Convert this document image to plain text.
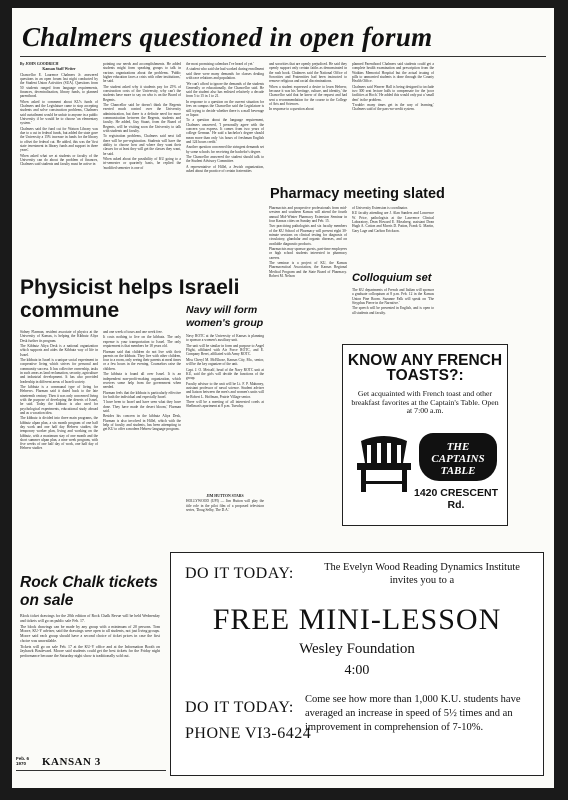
Chalmers questioned in open forum
By JOHN GOODRICH
Kansan Staff Writer

Chancellor E. Laurence Chalmers Jr. answered questions in an open forum last night conducted by the Student Union Activities (SUA). Questions from 50 students ranged from language requirements, finances, decentralization, library funds, to planned parenthood.

When asked to comment about KU's funds of Chalmers and the Legislature came to stop accepting students and solve construction problems, Chalmers said curtailment would be unfair to anyone in a public University if he would be to choose 'an elementary system.'

Chalmers said the fund cut for Watson Library was due to a cut in federal funds, but added the state gave the University a 15% increase in funds for the library to offset the federal cut. He added, this was the 'first state investment in library funds and support in three years'.

When asked what we at students or faculty of the University can do about the problem of finances, Chalmers said students and faculty must be active in

pointing our needs and accomplishments. He added students might form speaking groups to talk in various organizations about the problems. 'Public higher education faces a crisis with other institutions,' he said.

The student asked why it students pay for 25% of construction costs of the University, why can't the students have more to say on who is on the Board of Regents.

The Chancellor said he doesn't think the Regents exerted much control over the University administration, but there is a definite need for more communication between the Regents, students and faculty. He added, Guy Stuart, from the Board of Regents, will be visiting soon the University to talk with students and faculty.

To registration problems, Chalmers said next fall there will be pre-registration. Students will have the ability to choose how and where they want their classes for at least they will get the classes they want, he said.

When asked about the possibility of KU going to a tri-semester or quarterly basis, he replied the 'modified semester is one of

the most promising calendars I've heard of yet.'

A student who said she had worked during enrollment said there were many demands for classes dealing with race relations and population.

'We can't afford to ignore the demands of the students Generally or educationally, the Chancellor said. He said the student also has enlisted relatively a decade from 5 to 15 in 1 to 21.

In response to a question on the current situation for fees on campus the Chancellor said the Legislature is still trying to decide whether there is a mall beverage or liquor.

To a question about the language requirement, Chalmers answered, 'I personally agree with the concern you express. It comes from two years of college German.' He said a bachelor's degree should mean more than only 'six hours of freshman English and 124 hours credit.'

Another question concerned the stringent demands set by some schools for receiving the bachelor's degree.

The Chancellor answered the student should talk to the Student Advisory Committee.

A representative of Hillel, a Jewish organization, asked about the practice of certain fraternities

and sororities that are openly prejudiced. He said they openly support only certain faiths as demonstrated in the rush book. Chalmers said the National Office of Sororities and Fraternities had been instructed to remove religious and racial discriminations.

When a student expressed a desire to learn Hebrew, because it was his 'heritage, culture, and identity,' the Chancellor said that he knew of the request and had sent a recommendation for the course to the College of Arts and Sciences.

In response to a question about

planned Parenthood Chalmers said students could get a complete health examination and prescription from the Watkins Memorial Hospital but the actual issuing of pills to unmarried students is done through the County Health Office.

Chalmers said Weaver Hall is being designed to include two 300 seat lecture halls to compensate for the 'poor facilities at Hoch.' He added this would only put a 'small dent' in the problem.

'Trouble: many times get in the way of learning,' Chalmers said of the pass-no-credit system.

Pharmacy meeting slated

Pharmacists and prospective professionals from mid-western and southern Kansas will attend the fourth annual Mid-Winter Pharmacy Extension Seminar in four Kansas cities on Sunday and Feb. 15.

Two practicing pathologists and six faculty members of the KU School of Pharmacy will present eight 30-minute sessions on clinical testing for diagnosis of circulatory, glandular and organic diseases, and on available diagnostic products.

Pharmacists may sponsor guests, part-time employees or high school students interested in pharmacy careers.

The seminar is a project of KU, the Kansas Pharmaceutical Association, the Kansas Regional Medical Program and the State Board of Pharmacy. Robert M. Nelson

of University Extension is coordinator.

KU faculty attending are J. Alan Sanders and Lawrence W. Price, pathologists at the Lawrence Clinical Laboratory, Dean Howard E. Mossberg, assistant Dean Hugh A. Cotton and Morris D. Patton, Frank G. Martin, Gary Lage and Carlton Erickson.

Colloquium set

The KU departments of French and Italian will sponsor a graduate colloquium at 8 p.m. Feb. 12 in the Kansas Union Pine Room. Suzanne Falk will speak on 'The Sisyphus Pierre in the Narrative.'

The speech will be presented in English, and is open to all students and faculty.

Physicist helps Israeli commune

Sidney Flarman, resident associate of physics at the University of Kansas, is helping the Kibbutz Aliya Desk further its program.

The Kibbutz Aliya Desk is a national organization which supports and aides the Kibbutz way of life in Israel.

The kibbutz in Israel is a unique social experiment in cooperative living which strives for personal and community success. It has collective ownership, tasks in such areas as land reclamation, security, agriculture and industrial development. It has also provided leadership in different areas of Israeli society.

The kibbutz is a communal type of living for Hebrews. Flarman said it dated back to the late nineteenth century. Then it was only concerned living with the purpose of developing the deserts of Israel, he said. Today the kibbutz is also used for psychological experiments, educational study abroad and as a vacation idea.

The kibbutz is divided into three main programs, the kibbutz ulpan plan, a six month program of one half day work and one half day Hebrew studies; the temporary worker plan, living and working on the kibbutz, with a maximum stay of one month and the short summer ulpan plan, a nine week program, with five weeks of one half day of work, one half day of Hebrew studies

and one week of tours and one week free.

It costs nothing to live on the kibbutz. The only expense is your transportation to Israel. The only requirement is that members be 18 years old.

Flarman said that children do not live with their parents on the kibbutz. They live with other children, four to a room, only seeing their parents at meal times or a few hours in the evening. Counselors raise the children.

The kibbutz is found all over Israel. It is an independent non-profit-making organization, which receives some help from the government when needed.

Flarman feels that the kibbutz is particularly effective for both the individual and especially Israel.

'I have been to Israel and have seen what they have done. They have made the desert bloom,' Flarman said.

Besides his concern in the kibbutz Aliya Desk, Flarman is also involved in Hillel, which with the help of faculty and students, has been attempting to get KU to offer a modern Hebrew language program.

Navy will form women's group

Navy ROTC at the University of Kansas is planning to sponsor a women's auxiliary unit.

The unit will be similar in form and purpose to Angel Flight, affiliated with Air Force ROTC, and E. Company Beret, affiliated with Army ROTC.

Miss Cheryl M. McElhose, Kansas City, Mo., senior, will be the key organizer of the unit.

Capt. J. O. Metcalf, head of the Navy ROTC unit at KU, said the girls will decide the functions of the group.

Faculty advisor to the unit will be Lt. F. P. Mahoney, assistant professor of naval science. Student adviser and liaison between the men's and women's units will be Robert L. Hoffman, Prairie Village senior.

There will be a meeting of all interested coeds at Shellman's apartment at 8 p.m. Tuesday.

JIM HUTTON STARS

HOLLYWOOD (UPI) — Jim Hutton will play the title role in the pilot film of a proposed television series, 'Doug Selby, The D.A.'

KNOW ANY FRENCH TOASTS?:
Get acquainted with French toast and other breakfast favorites at the Captain's Table. Open at 7:00 a.m.
THE CAPTAINS TABLE
1420 CRESCENT Rd.
Rock Chalk tickets on sale

Block ticket drawings for the 20th edition of Rock Chalk Revue will be held Wednesday and tickets will go on public sale Feb. 17.

The block drawings can be made by any group with a minimum of 20 persons. Tom Moore, KU-Y adviser, said the drawings were open to all students, not just living groups. Moore said each group should have a second choice of ticket prices in case the first choice was unavailable.

Tickets will go on sale Feb. 17 at the KU-Y office and at the Information Booth on Jayhawk Boulevard. Moore said students could get the best tickets for the Friday night performance because the Saturday night show is traditionally sold out.

DO IT TODAY:	The Evelyn Wood Reading Dynamics Institute invites you to a
FREE MINI-LESSON
Wesley Foundation
4:00
DO IT TODAY:
PHONE VI3-6424
Come see how more than 1,000 K.U. students have averaged an increase in speed of 5½ times and an improvement in comprehension of 7-10%.
Feb. 6
1970 KANSAN 3
